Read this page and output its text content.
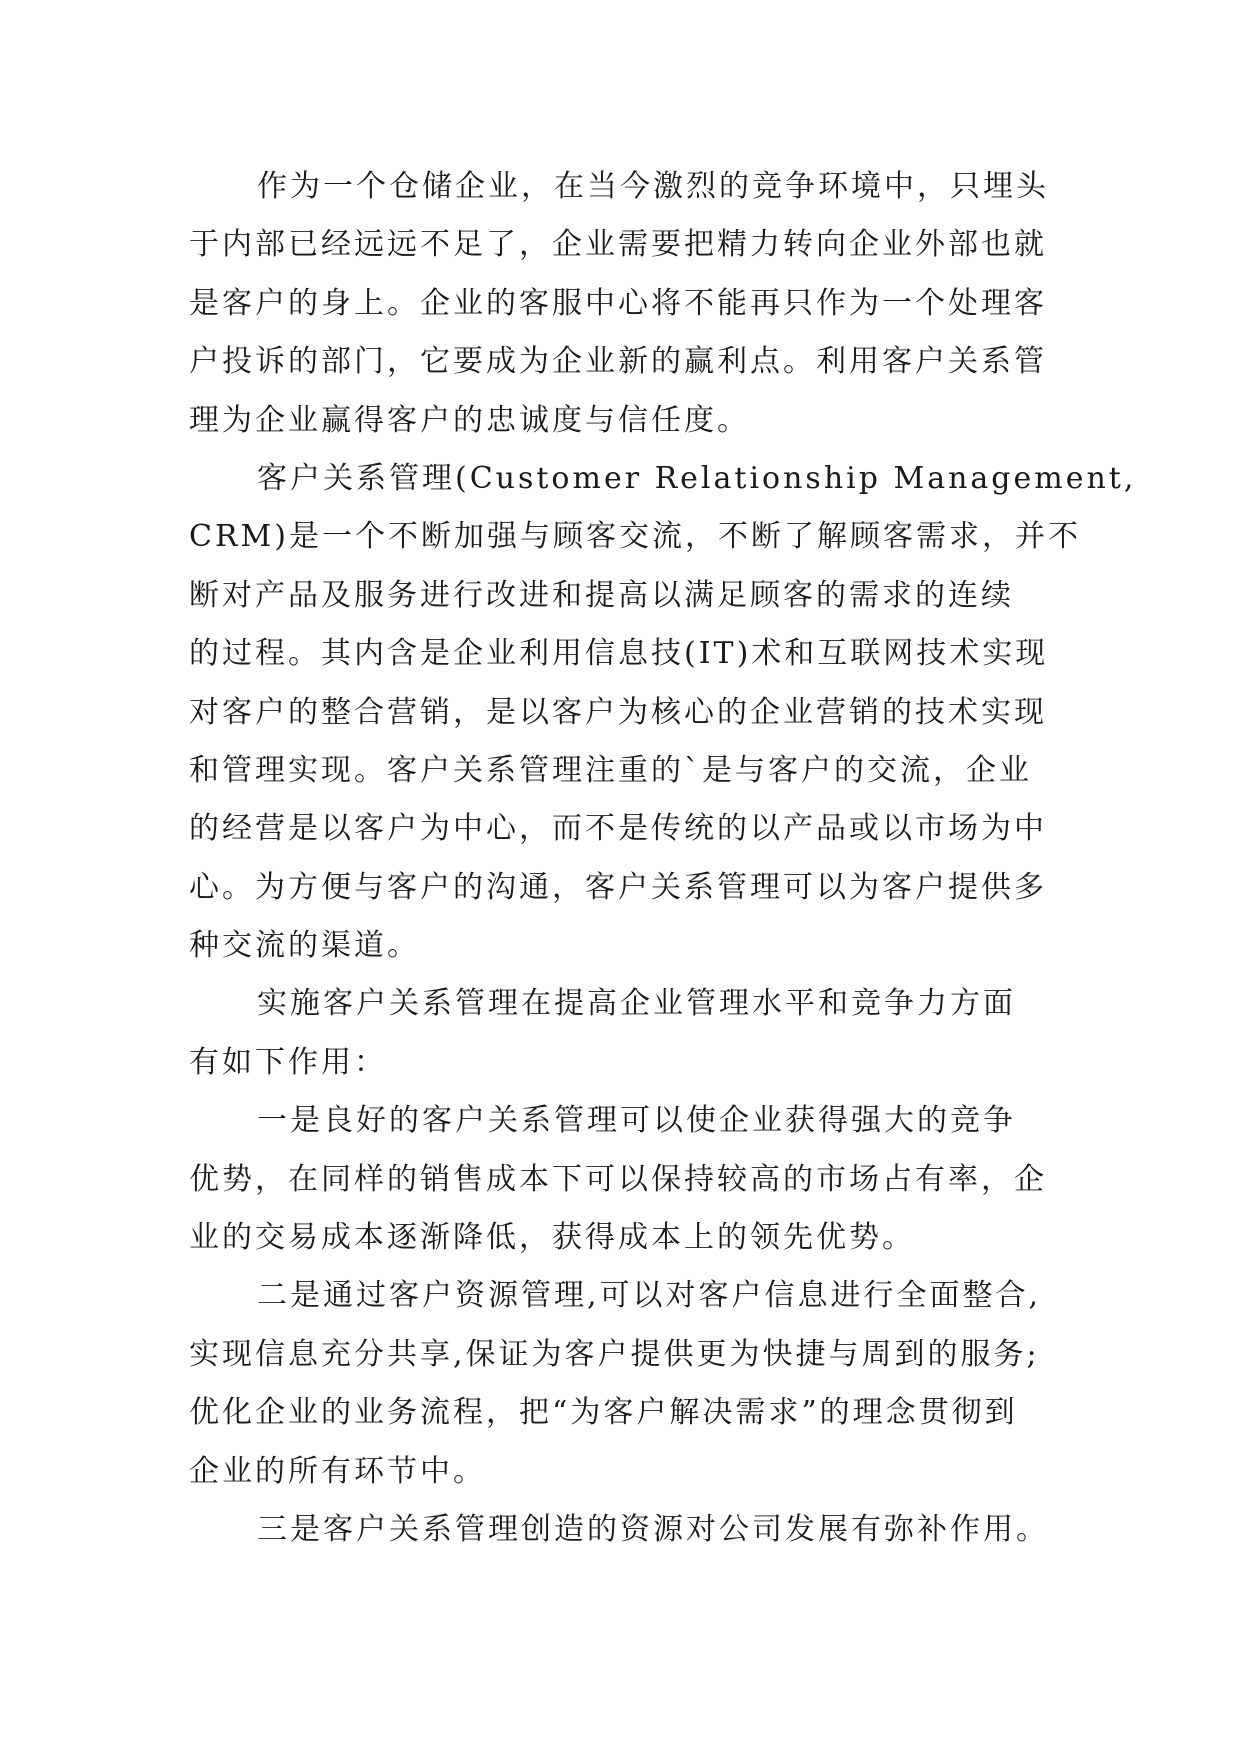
作为一个仓储企业，在当今激烈的竞争环境中，只埋头
于内部已经远远不足了，企业需要把精力转向企业外部也就
是客户的身上。企业的客服中心将不能再只作为一个处理客
户投诉的部门，它要成为企业新的赢利点。利用客户关系管
理为企业赢得客户的忠诚度与信任度。
客户关系管理(Customer Relationship Management,
CRM)是一个不断加强与顾客交流，不断了解顾客需求，并不
断对产品及服务进行改进和提高以满足顾客的需求的连续
的过程。其内含是企业利用信息技(IT)术和互联网技术实现
对客户的整合营销，是以客户为核心的企业营销的技术实现
和管理实现。客户关系管理注重的`是与客户的交流，企业
的经营是以客户为中心，而不是传统的以产品或以市场为中
心。为方便与客户的沟通，客户关系管理可以为客户提供多
种交流的渠道。
实施客户关系管理在提高企业管理水平和竞争力方面
有如下作用：
一是良好的客户关系管理可以使企业获得强大的竞争
优势，在同样的销售成本下可以保持较高的市场占有率，企
业的交易成本逐渐降低，获得成本上的领先优势。
二是通过客户资源管理,可以对客户信息进行全面整合,
实现信息充分共享,保证为客户提供更为快捷与周到的服务;
优化企业的业务流程，把“为客户解决需求”的理念贯彻到
企业的所有环节中。
三是客户关系管理创造的资源对公司发展有弥补作用。
